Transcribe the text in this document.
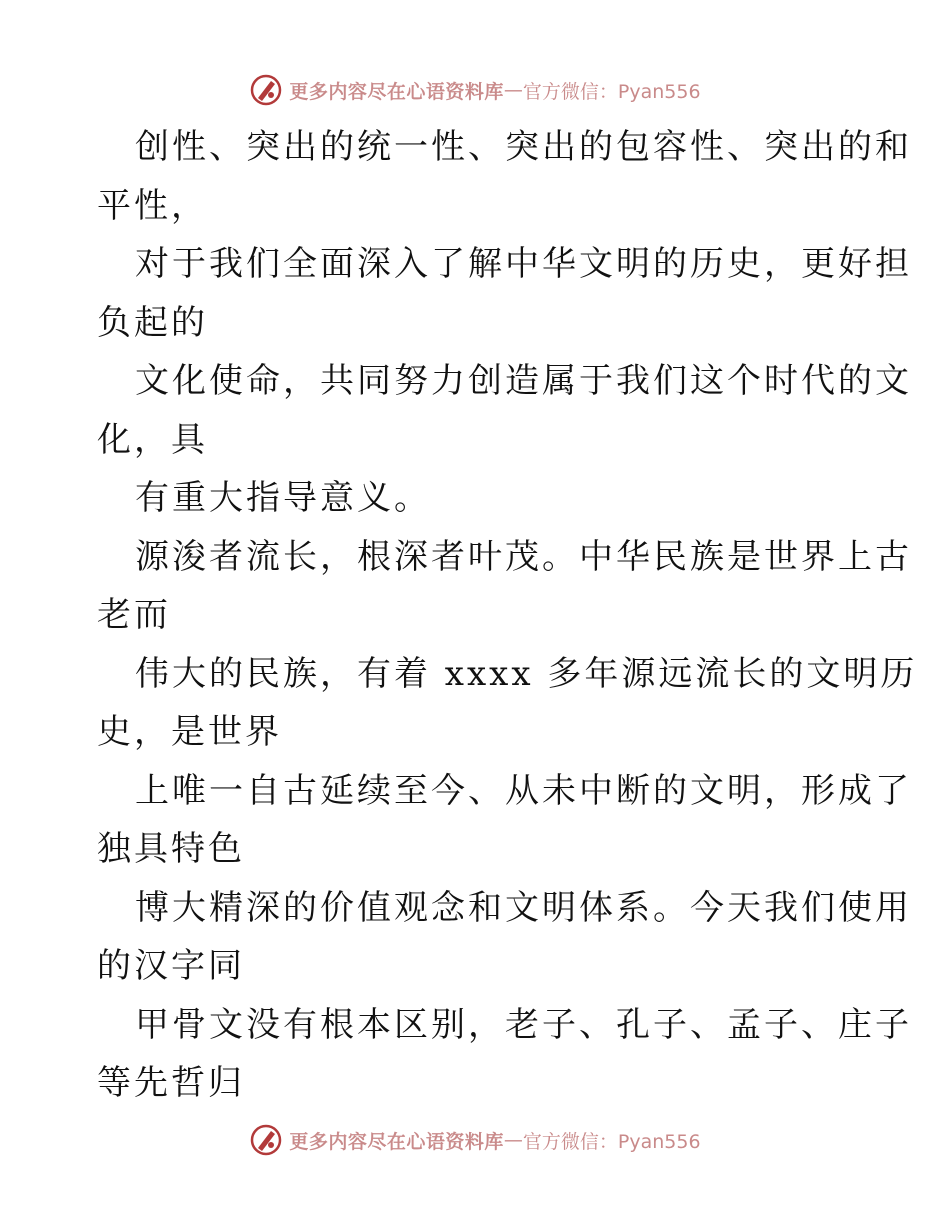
更多内容尽在心语资料库 — 官方微信：Pyan556
创性、突出的统一性、突出的包容性、突出的和
平性，
对于我们全面深入了解中华文明的历史，更好担
负起的
文化使命，共同努力创造属于我们这个时代的文
化，具
有重大指导意义。
源浚者流长，根深者叶茂。中华民族是世界上古
老而
伟大的民族，有着 xxxx 多年源远流长的文明历
史，是世界
上唯一自古延续至今、从未中断的文明，形成了
独具特色
博大精深的价值观念和文明体系。今天我们使用
的汉字同
甲骨文没有根本区别，老子、孔子、孟子、庄子
等先哲归
更多内容尽在心语资料库 — 官方微信：Pyan556
